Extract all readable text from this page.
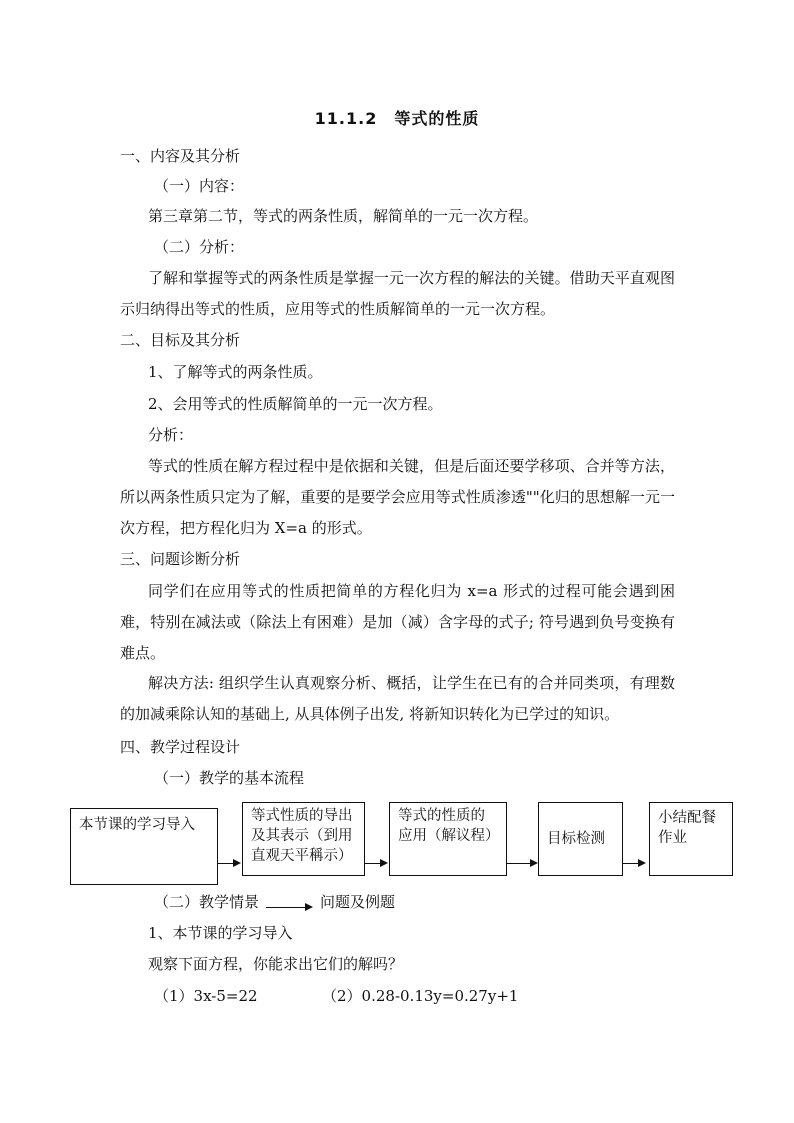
11.1.2　等式的性质
一、内容及其分析
（一）内容：
第三章第二节，等式的两条性质，解简单的一元一次方程。
（二）分析：
了解和掌握等式的两条性质是掌握一元一次方程的解法的关键。借助天平直观图示归纳得出等式的性质，应用等式的性质解简单的一元一次方程。
二、目标及其分析
1、了解等式的两条性质。
2、会用等式的性质解简单的一元一次方程。
分析：
等式的性质在解方程过程中是依据和关键，但是后面还要学移项、合并等方法，所以两条性质只定为了解，重要的是要学会应用等式性质渗透""化归的思想解一元一次方程，把方程化归为 X=a 的形式。
三、问题诊断分析
同学们在应用等式的性质把简单的方程化归为 x=a 形式的过程可能会遇到困难，特别在减法或（除法上有困难）是加（减）含字母的式子; 符号遇到负号变换有难点。
解决方法: 组织学生认真观察分析、概括，让学生在已有的合并同类项，有理数的加减乘除认知的基础上, 从具体例子出发, 将新知识转化为已学过的知识。
四、教学过程设计
（一）教学的基本流程
本节课的学习导入
等式性质的导出及其表示（到用直观天平稱示）
等式的性质的应用（解议程）	目标检测
小结配餐作业
（二）教学情景	问题及例题
1、本节课的学习导入
观察下面方程，你能求出它们的解吗？
（1）3x-5=22	（2）0.28-0.13y=0.27y+1
